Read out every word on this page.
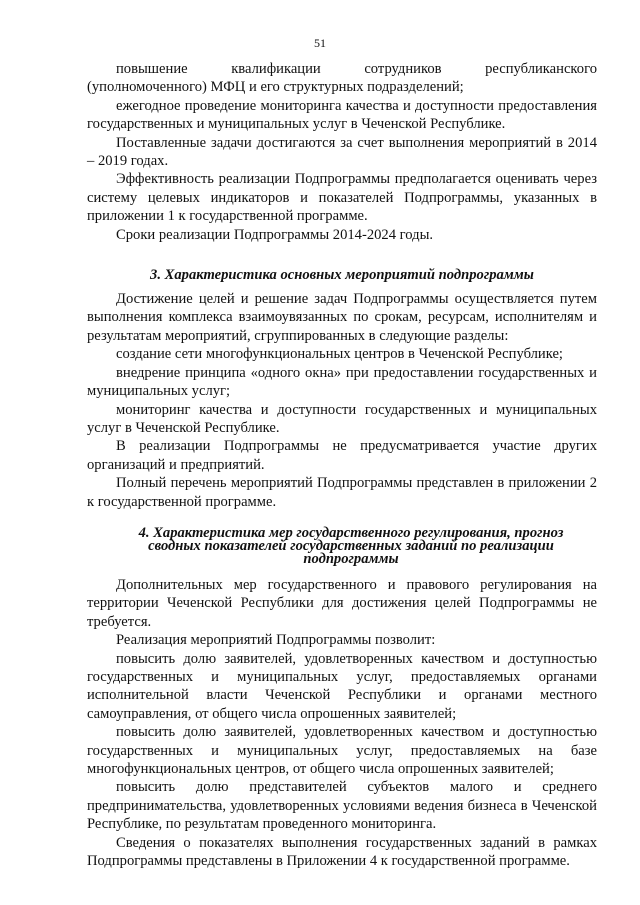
51

повышение квалификации сотрудников республиканского (уполномоченного) МФЦ и его структурных подразделений;

ежегодное проведение мониторинга качества и доступности предоставления государственных и муниципальных услуг в Чеченской Республике.

Поставленные задачи достигаются за счет выполнения мероприятий в 2014 – 2019 годах.

Эффективность реализации Подпрограммы предполагается оценивать через систему целевых индикаторов и показателей Подпрограммы, указанных в приложении 1 к государственной программе.

Сроки реализации Подпрограммы 2014-2024 годы.

3. Характеристика основных мероприятий подпрограммы

Достижение целей и решение задач Подпрограммы осуществляется путем выполнения комплекса взаимоувязанных по срокам, ресурсам, исполнителям и результатам мероприятий, сгруппированных в следующие разделы:

создание сети многофункциональных центров в Чеченской Республике;

внедрение принципа «одного окна» при предоставлении государственных и муниципальных услуг;

мониторинг качества и доступности государственных и муниципальных услуг в Чеченской Республике.

В реализации Подпрограммы не предусматривается участие других организаций и предприятий.

Полный перечень мероприятий Подпрограммы представлен в приложении 2 к государственной программе.

4. Характеристика мер государственного регулирования, прогноз сводных показателей государственных заданий по реализации подпрограммы

Дополнительных мер государственного и правового регулирования на территории Чеченской Республики для достижения целей Подпрограммы не требуется.

Реализация мероприятий Подпрограммы позволит:

повысить долю заявителей, удовлетворенных качеством и доступностью государственных и муниципальных услуг, предоставляемых органами исполнительной власти Чеченской Республики и органами местного самоуправления, от общего числа опрошенных заявителей;

повысить долю заявителей, удовлетворенных качеством и доступностью государственных и муниципальных услуг, предоставляемых на базе многофункциональных центров, от общего числа опрошенных заявителей;

повысить долю представителей субъектов малого и среднего предпринимательства, удовлетворенных условиями ведения бизнеса в Чеченской Республике, по результатам проведенного мониторинга.

Сведения о показателях выполнения государственных заданий в рамках Подпрограммы представлены в Приложении 4 к государственной программе.
